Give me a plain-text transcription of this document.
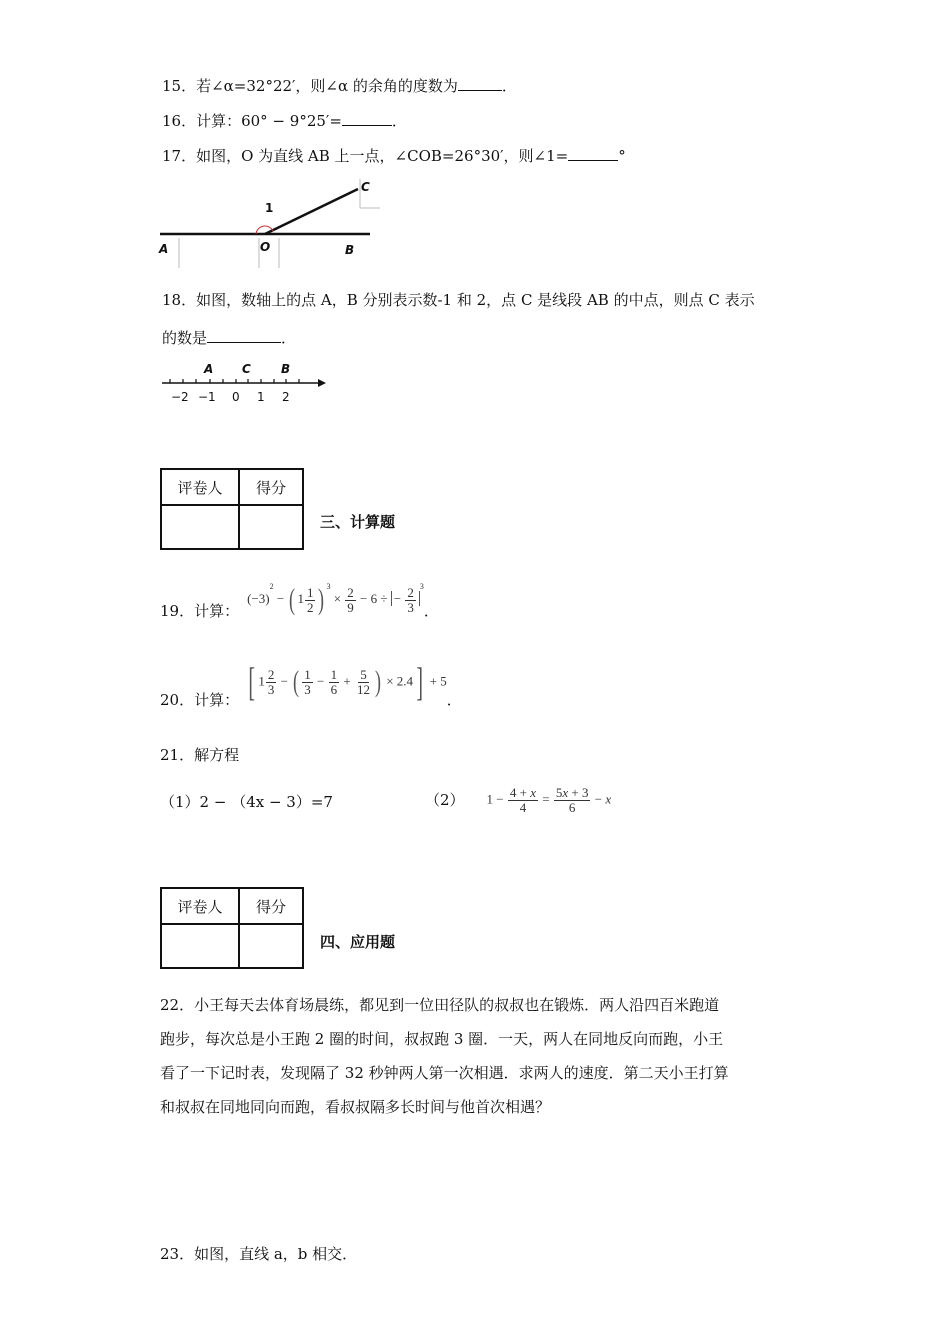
15．若∠α=32°22′，则∠α 的余角的度数为	．
16．计算：60° − 9°25′=	．
17．如图，O 为直线 AB 上一点，∠COB=26°30′，则∠1=	°
C
1
A	O	B
18．如图，数轴上的点 A，B 分别表示数-1 和 2，点 C 是线段 AB 的中点，则点 C 表示
的数是	．
A C	B
−2 −1 0 1 2
评卷人	得分

三、计算题
19．计算：
$(-3)^2$ − ( $1 \frac{1}{2}$ ) $^3 \times \frac{2}{9} - 6$ ÷ − $\frac{2}{3} ^3$
．
20．计算： [ $1 \frac{2}{3}$ − ( $\frac{1}{3} - \frac{1}{6} + \frac{5}{12}$ ) × 2.4] + 5
．
21．解方程
（1）2 − （4x − 3）=7	（2） $1 - \frac{4 + x}{4} = \frac{5x + 3}{6} - x$
评卷人	得分

四、应用题
22．小王每天去体育场晨练，都见到一位田径队的叔叔也在锻炼．两人沿四百米跑道
跑步，每次总是小王跑 2 圈的时间，叔叔跑 3 圈．一天，两人在同地反向而跑，小王
看了一下记时表，发现隔了 32 秒钟两人第一次相遇．求两人的速度．第二天小王打算
和叔叔在同地同向而跑，看叔叔隔多长时间与他首次相遇？
23．如图，直线 a，b 相交．
